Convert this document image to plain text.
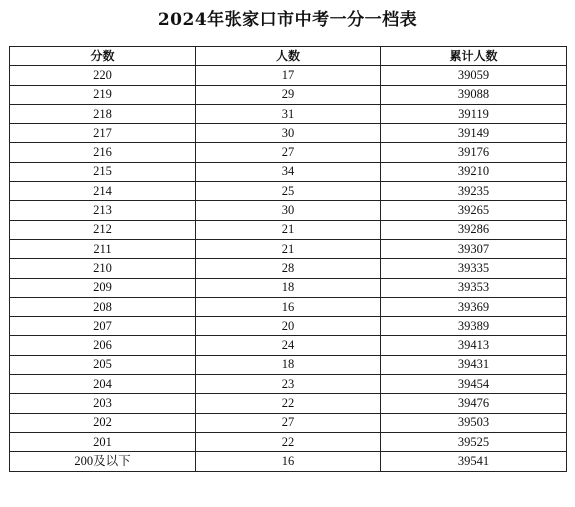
2024年张家口市中考一分一档表
分数	人数	累计人数
220	17	39059
219	29	39088
218	31	39119
217	30	39149
216	27	39176
215	34	39210
214	25	39235
213	30	39265
212	21	39286
211	21	39307
210	28	39335
209	18	39353
208	16	39369
207	20	39389
206	24	39413
205	18	39431
204	23	39454
203	22	39476
202	27	39503
201	22	39525
200及以下	16	39541
